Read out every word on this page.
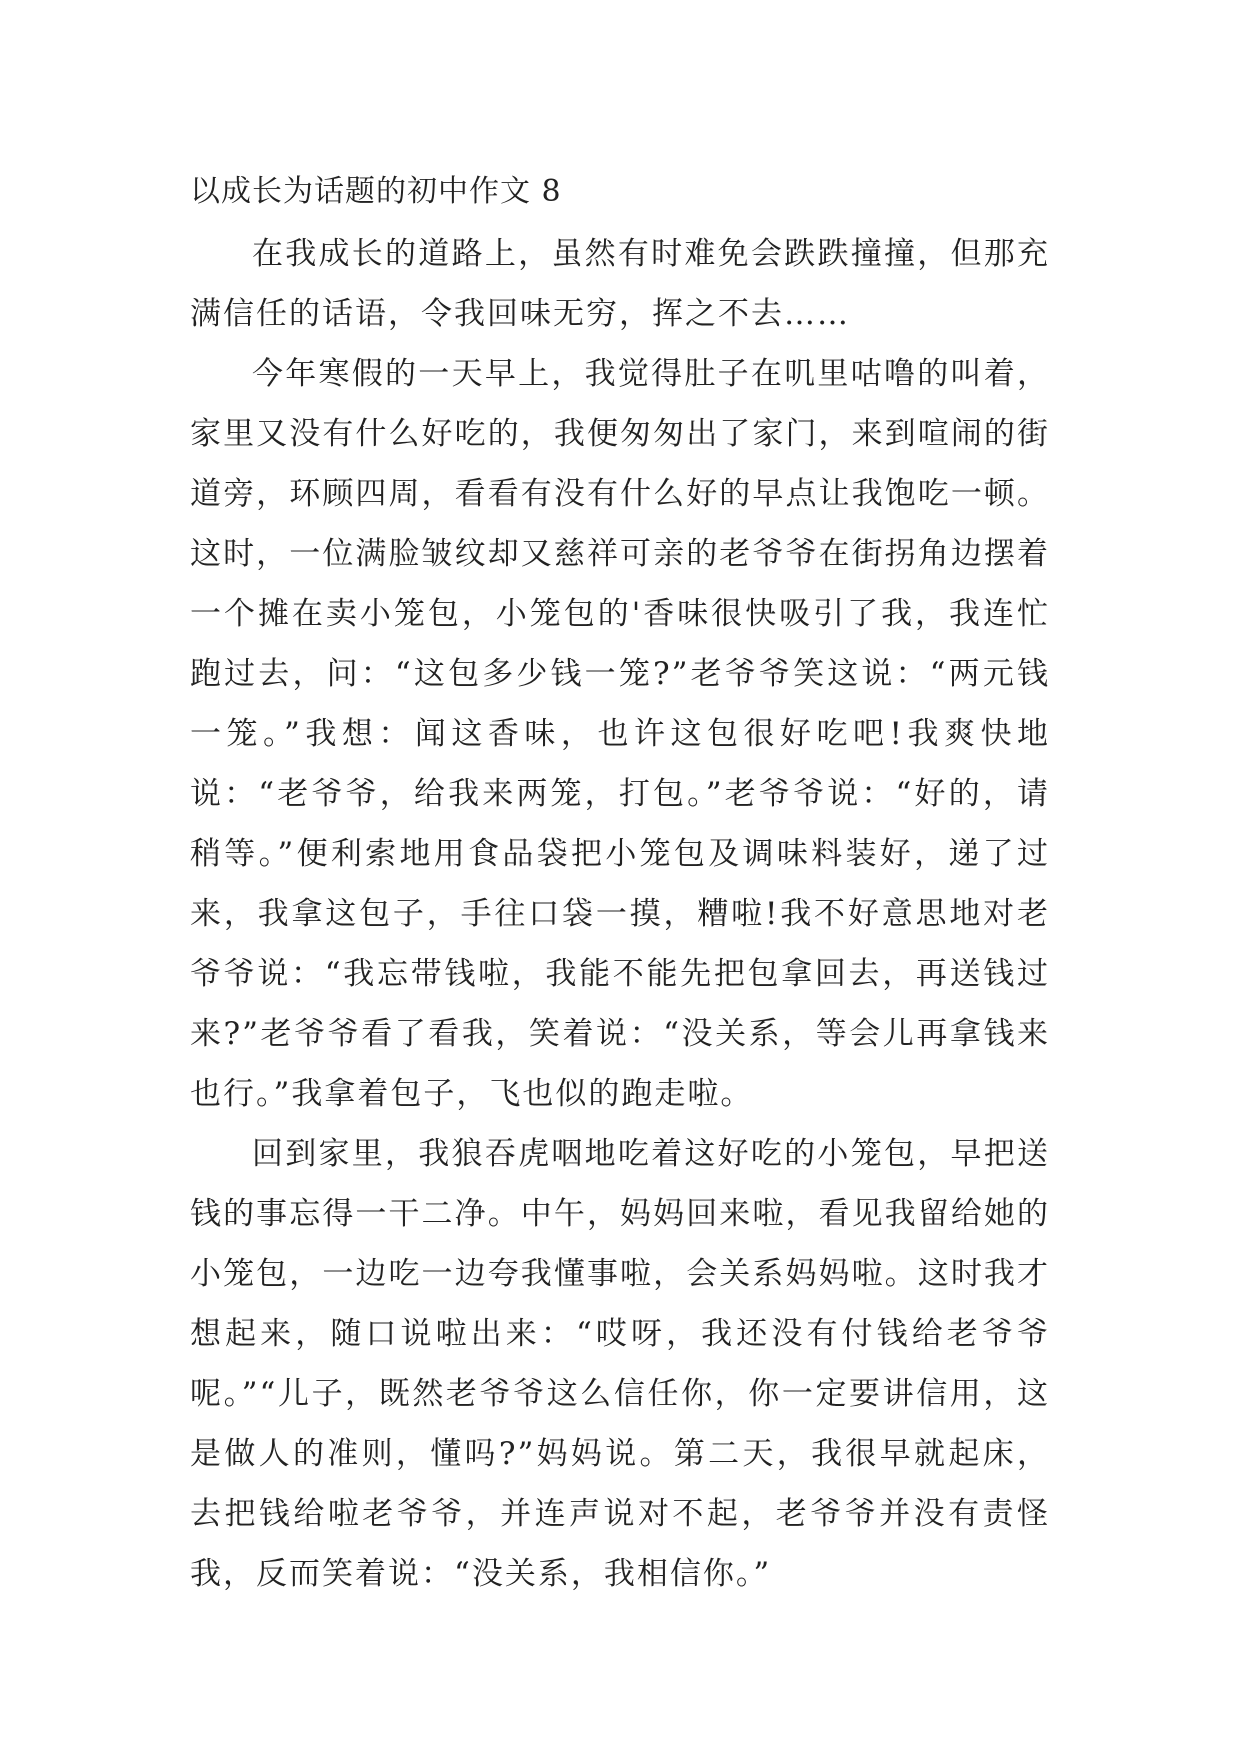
以成长为话题的初中作文 8

在我成长的道路上，虽然有时难免会跌跌撞撞，但那充满信任的话语，令我回味无穷，挥之不去……

今年寒假的一天早上，我觉得肚子在叽里咕噜的叫着，家里又没有什么好吃的，我便匆匆出了家门，来到喧闹的街道旁，环顾四周，看看有没有什么好的早点让我饱吃一顿。这时，一位满脸皱纹却又慈祥可亲的老爷爷在街拐角边摆着一个摊在卖小笼包，小笼包的'香味很快吸引了我，我连忙跑过去，问：“这包多少钱一笼?”老爷爷笑这说：“两元钱一笼。”我想：闻这香味，也许这包很好吃吧!我爽快地说：“老爷爷，给我来两笼，打包。”老爷爷说：“好的，请稍等。”便利索地用食品袋把小笼包及调味料装好，递了过来，我拿这包子，手往口袋一摸，糟啦!我不好意思地对老爷爷说：“我忘带钱啦，我能不能先把包拿回去，再送钱过来?”老爷爷看了看我，笑着说：“没关系，等会儿再拿钱来也行。”我拿着包子，飞也似的跑走啦。

回到家里，我狼吞虎咽地吃着这好吃的小笼包，早把送钱的事忘得一干二净。中午，妈妈回来啦，看见我留给她的小笼包，一边吃一边夸我懂事啦，会关系妈妈啦。这时我才想起来，随口说啦出来：“哎呀，我还没有付钱给老爷爷呢。”“儿子，既然老爷爷这么信任你，你一定要讲信用，这是做人的准则，懂吗?”妈妈说。第二天，我很早就起床，去把钱给啦老爷爷，并连声说对不起，老爷爷并没有责怪我，反而笑着说：“没关系，我相信你。”
